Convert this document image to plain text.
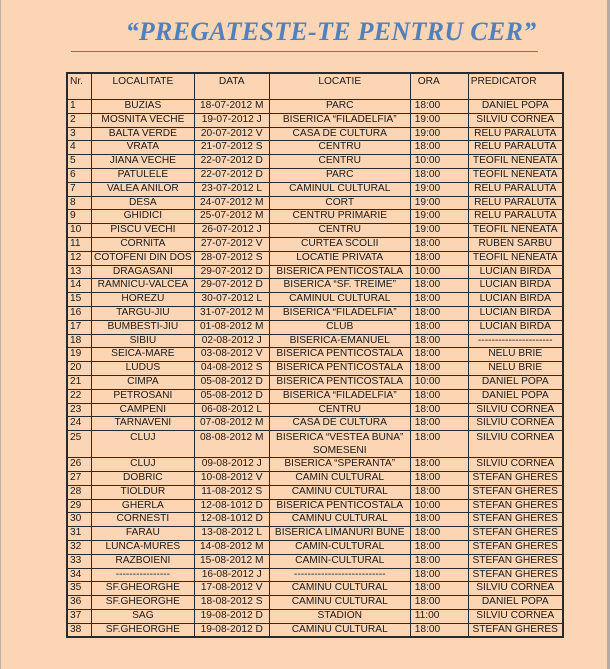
“PREGATESTE-TE PENTRU CER”
Nr.	LOCALITATE	DATA	LOCATIE	ORA	PREDICATOR
1	BUZIAS	18-07-2012 M	PARC	18:00	DANIEL POPA
2	MOSNITA VECHE	19-07-2012 J	BISERICA “FILADELFIA”	19:00	SILVIU CORNEA
3	BALTA VERDE	20-07-2012 V	CASA DE CULTURA	19:00	RELU PARALUTA
4	VRATA	21-07-2012 S	CENTRU	18:00	RELU PARALUTA
5	JIANA VECHE	22-07-2012 D	CENTRU	10:00	TEOFIL NENEATA
6	PATULELE	22-07-2012 D	PARC	18:00	TEOFIL NENEATA
7	VALEA ANILOR	23-07-2012 L	CAMINUL CULTURAL	19:00	RELU PARALUTA
8	DESA	24-07-2012 M	CORT	19:00	RELU PARALUTA
9	GHIDICI	25-07-2012 M	CENTRU PRIMARIE	19:00	RELU PARALUTA
10	PISCU VECHI	26-07-2012 J	CENTRU	19:00	TEOFIL NENEATA
11	CORNITA	27-07-2012 V	CURTEA SCOLII	18:00	RUBEN SARBU
12	COTOFENI DIN DOS	28-07-2012 S	LOCATIE PRIVATA	18:00	TEOFIL NENEATA
13	DRAGASANI	29-07-2012 D	BISERICA PENTICOSTALA	10:00	LUCIAN BIRDA
14	RAMNICU-VALCEA	29-07-2012 D	BISERICA “SF. TREIME”	18:00	LUCIAN BIRDA
15	HOREZU	30-07-2012 L	CAMINUL CULTURAL	18:00	LUCIAN BIRDA
16	TARGU-JIU	31-07-2012 M	BISERICA “FILADELFIA”	18:00	LUCIAN BIRDA
17	BUMBESTI-JIU	01-08-2012 M	CLUB	18:00	LUCIAN BIRDA
18	SIBIU	02-08-2012 J	BISERICA-EMANUEL	18:00	----------------------
19	SEICA-MARE	03-08-2012 V	BISERICA PENTICOSTALA	18:00	NELU BRIE
20	LUDUS	04-08-2012 S	BISERICA PENTICOSTALA	18:00	NELU BRIE
21	CIMPA	05-08-2012 D	BISERICA PENTICOSTALA	10:00	DANIEL POPA
22	PETROSANI	05-08-2012 D	BISERICA “FILADELFIA”	18:00	DANIEL POPA
23	CAMPENI	06-08-2012 L	CENTRU	18:00	SILVIU CORNEA
24	TARNAVENI	07-08-2012 M	CASA DE CULTURA	18:00	SILVIU CORNEA
25	CLUJ	08-08-2012 M	BISERICA “VESTEA BUNA” SOMESENI	18:00	SILVIU CORNEA
26	CLUJ	09-08-2012 J	BISERICA “SPERANTA”	18:00	SILVIU CORNEA
27	DOBRIC	10-08-2012 V	CAMIN CULTURAL	18:00	STEFAN GHERES
28	TIOLDUR	11-08-2012 S	CAMINU CULTURAL	18:00	STEFAN GHERES
29	GHERLA	12-08-1012 D	BISERICA PENTICOSTALA	10:00	STEFAN GHERES
30	CORNESTI	12-08-1012 D	CAMINU CULTURAL	18:00	STEFAN GHERES
31	FARAU	13-08-2012 L	BISERICA LIMANURI BUNE	18:00	STEFAN GHERES
32	LUNCA-MURES	14-08-2012 M	CAMIN-CULTURAL	18:00	STEFAN GHERES
33	RAZBOIENI	15-08-2012 M	CAMIN-CULTURAL	18:00	STEFAN GHERES
34	----------------	16-08-2012 J	---------------------------	18:00	STEFAN GHERES
35	SF.GHEORGHE	17-08-2012 V	CAMINU CULTURAL	18:00	SILVIU CORNEA
36	SF.GHEORGHE	18-08-2012 S	CAMINU CULTURAL	18:00	DANIEL POPA
37	SAG	19-08-2012 D	STADION	11:00	SILVIU CORNEA
38	SF.GHEORGHE	19-08-2012 D	CAMINU CULTURAL	18:00	STEFAN GHERES
